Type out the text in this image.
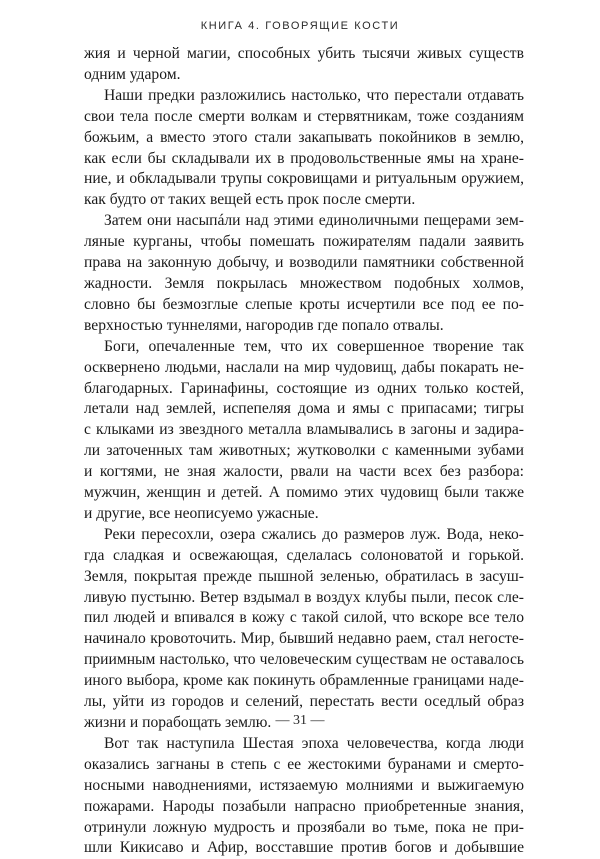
КНИГА 4. ГОВОРЯЩИЕ КОСТИ
жия и черной магии, способных убить тысячи живых существ
одним ударом.
Наши предки разложились настолько, что перестали отдавать
свои тела после смерти волкам и стервятникам, тоже созданиям
божьим, а вместо этого стали закапывать покойников в землю,
как если бы складывали их в продовольственные ямы на хране-
ние, и обкладывали трупы сокровищами и ритуальным оружием,
как будто от таких вещей есть прок после смерти.
Затем они насыпáли над этими единоличными пещерами зем-
ляные курганы, чтобы помешать пожирателям падали заявить
права на законную добычу, и возводили памятники собственной
жадности. Земля покрылась множеством подобных холмов,
словно бы безмозглые слепые кроты исчертили все под ее по-
верхностью туннелями, нагородив где попало отвалы.
Боги, опечаленные тем, что их совершенное творение так
осквернено людьми, наслали на мир чудовищ, дабы покарать не-
благодарных. Гаринафины, состоящие из одних только костей,
летали над землей, испепеляя дома и ямы с припасами; тигры
с клыками из звездного металла вламывались в загоны и задира-
ли заточенных там животных; жутковолки с каменными зубами
и когтями, не зная жалости, рвали на части всех без разбора:
мужчин, женщин и детей. А помимо этих чудовищ были также
и другие, все неописуемо ужасные.
Реки пересохли, озера сжались до размеров луж. Вода, неко-
гда сладкая и освежающая, сделалась солоноватой и горькой.
Земля, покрытая прежде пышной зеленью, обратилась в засуш-
ливую пустыню. Ветер вздымал в воздух клубы пыли, песок сле-
пил людей и впивался в кожу с такой силой, что вскоре все тело
начинало кровоточить. Мир, бывший недавно раем, стал негосте-
приимным настолько, что человеческим существам не оставалось
иного выбора, кроме как покинуть обрамленные границами наде-
лы, уйти из городов и селений, перестать вести оседлый образ
жизни и порабощать землю.
Вот так наступила Шестая эпоха человечества, когда люди
оказались загнаны в степь с ее жестокими буранами и смерто-
носными наводнениями, истязаемую молниями и выжигаемую
пожарами. Народы позабыли напрасно приобретенные знания,
отринули ложную мудрость и прозябали во тьме, пока не при-
шли Кикисаво и Афир, восставшие против богов и добывшие
— 31 —
